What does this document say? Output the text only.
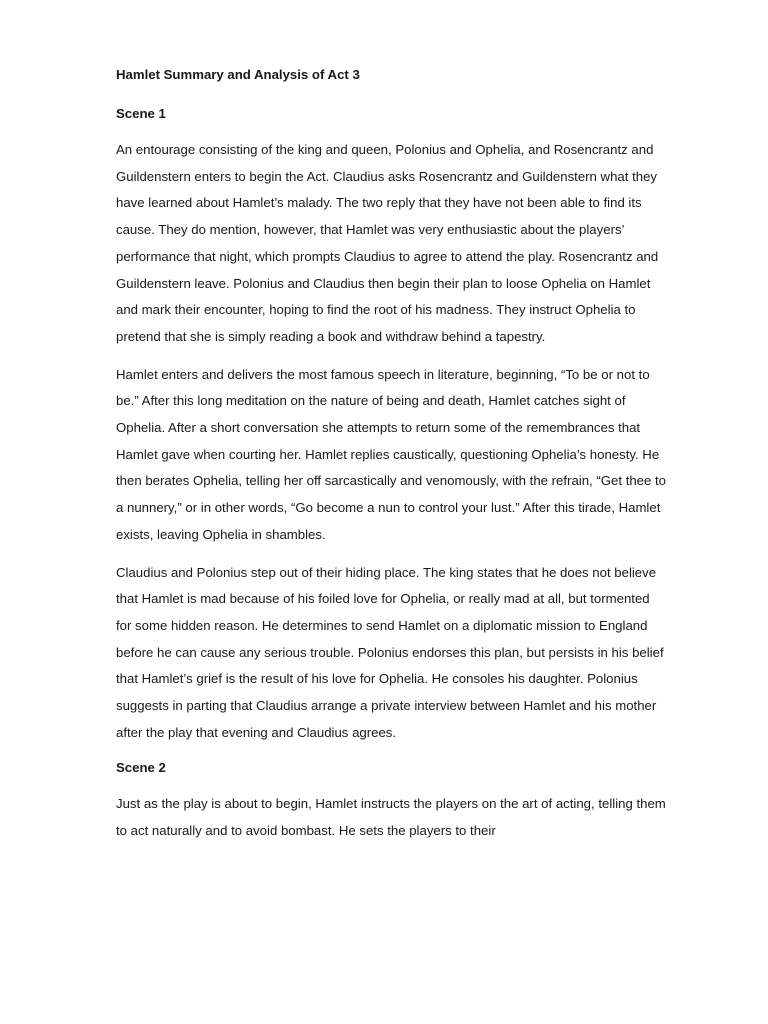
Hamlet Summary and Analysis of Act 3

Scene 1

An entourage consisting of the king and queen, Polonius and Ophelia, and Rosencrantz and Guildenstern enters to begin the Act. Claudius asks Rosencrantz and Guildenstern what they have learned about Hamlet’s malady. The two reply that they have not been able to find its cause. They do mention, however, that Hamlet was very enthusiastic about the players’ performance that night, which prompts Claudius to agree to attend the play. Rosencrantz and Guildenstern leave. Polonius and Claudius then begin their plan to loose Ophelia on Hamlet and mark their encounter, hoping to find the root of his madness. They instruct Ophelia to pretend that she is simply reading a book and withdraw behind a tapestry.

Hamlet enters and delivers the most famous speech in literature, beginning, “To be or not to be.” After this long meditation on the nature of being and death, Hamlet catches sight of Ophelia. After a short conversation she attempts to return some of the remembrances that Hamlet gave when courting her. Hamlet replies caustically, questioning Ophelia’s honesty. He then berates Ophelia, telling her off sarcastically and venomously, with the refrain, “Get thee to a nunnery,” or in other words, “Go become a nun to control your lust.” After this tirade, Hamlet exists, leaving Ophelia in shambles.

Claudius and Polonius step out of their hiding place. The king states that he does not believe that Hamlet is mad because of his foiled love for Ophelia, or really mad at all, but tormented for some hidden reason. He determines to send Hamlet on a diplomatic mission to England before he can cause any serious trouble. Polonius endorses this plan, but persists in his belief that Hamlet’s grief is the result of his love for Ophelia. He consoles his daughter. Polonius suggests in parting that Claudius arrange a private interview between Hamlet and his mother after the play that evening and Claudius agrees.

Scene 2

Just as the play is about to begin, Hamlet instructs the players on the art of acting, telling them to act naturally and to avoid bombast. He sets the players to their
